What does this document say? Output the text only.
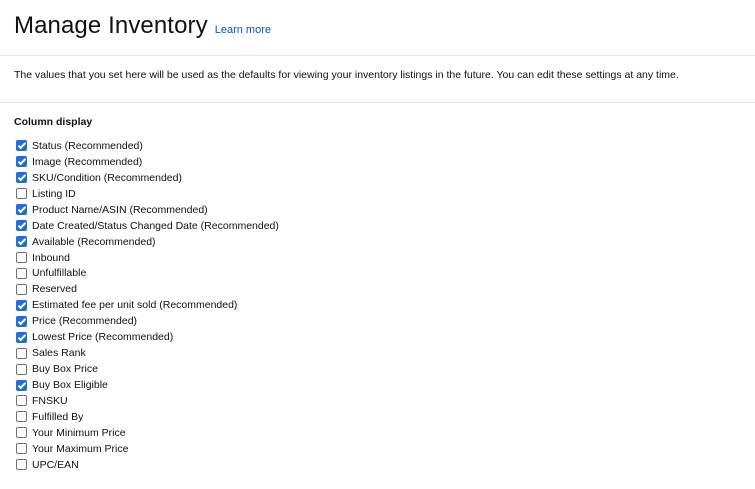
Manage Inventory Learn more
The values that you set here will be used as the defaults for viewing your inventory listings in the future. You can edit these settings at any time.
Column display
Status (Recommended)
Image (Recommended)
SKU/Condition (Recommended)
Listing ID
Product Name/ASIN (Recommended)
Date Created/Status Changed Date (Recommended)
Available (Recommended)
Inbound
Unfulfillable
Reserved
Estimated fee per unit sold (Recommended)
Price (Recommended)
Lowest Price (Recommended)
Sales Rank
Buy Box Price
Buy Box Eligible
FNSKU
Fulfilled By
Your Minimum Price
Your Maximum Price
UPC/EAN
